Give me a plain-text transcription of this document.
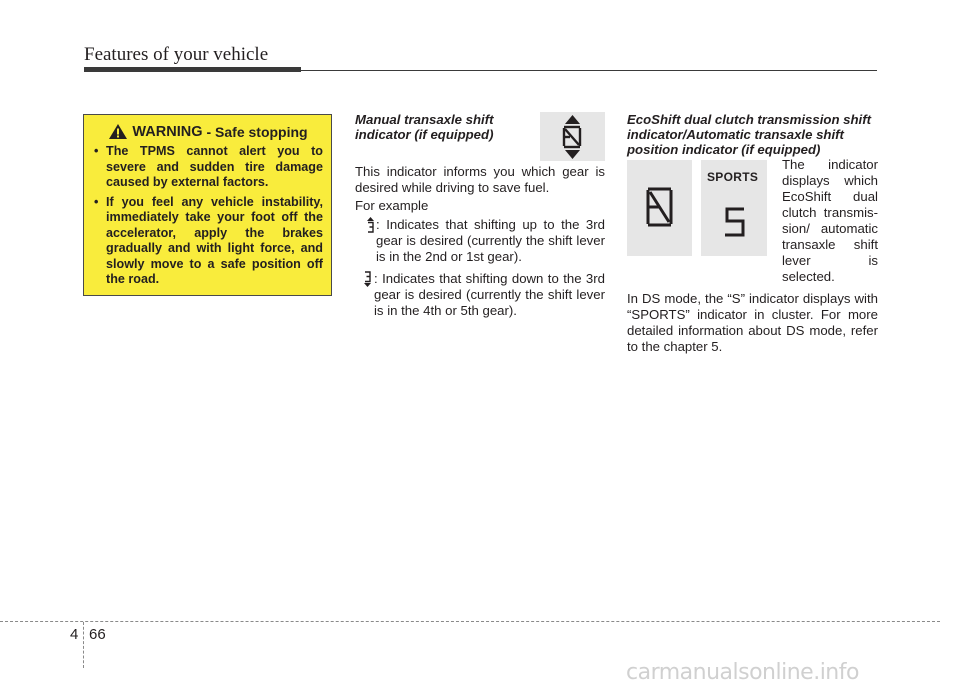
Features of your vehicle
WARNING - Safe stopping
• The TPMS cannot alert you to severe and sudden tire damage caused by external factors.
• If you feel any vehicle instability, immediately take your foot off the accelerator, apply the brakes gradually and with light force, and slowly move to a safe position off the road.
Manual transaxle shift
indicator (if equipped)
This indicator informs you which gear is desired while driving to save fuel.
For example
: Indicates that shifting up to the 3rd gear is desired (currently the shift lever is in the 2nd or 1st gear).
: Indicates that shifting down to the 3rd gear is desired (currently the shift lever is in the 4th or 5th gear).
EcoShift dual clutch transmission shift indicator/Automatic transaxle shift position indicator (if equipped)
The indicator
displays which
EcoShift dual
clutch transmis-
sion/ automatic
transaxle shift
lever is selected.
In DS mode, the “S” indicator displays with “SPORTS” indicator in cluster. For more detailed information about DS mode, refer to the chapter 5.
SPORTS
4 66
carmanualsonline.info
